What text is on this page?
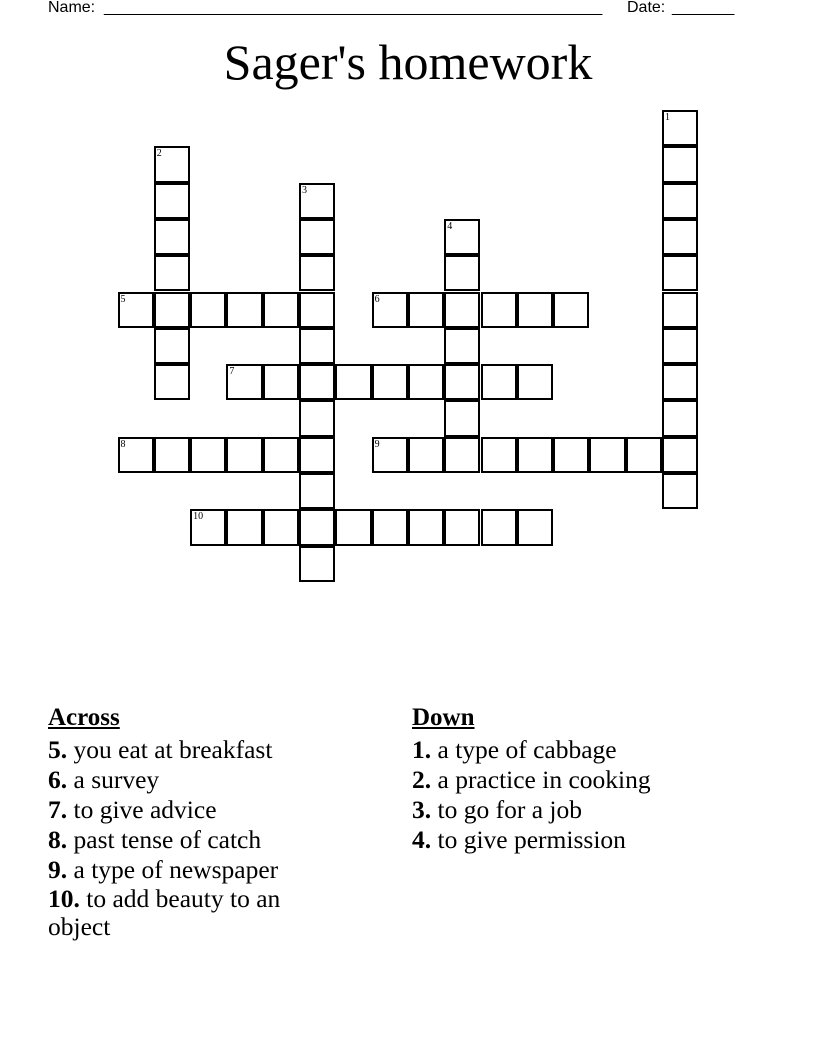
Name: ________________________________________________________ Date: _______
Sager's homework
1
2
3
4
5	6
7
8	9
10
Across
5. you eat at breakfast
6. a survey
7. to give advice
8. past tense of catch
9. a type of newspaper
10. to add beauty to an object
Down
1. a type of cabbage
2. a practice in cooking
3. to go for a job
4. to give permission
